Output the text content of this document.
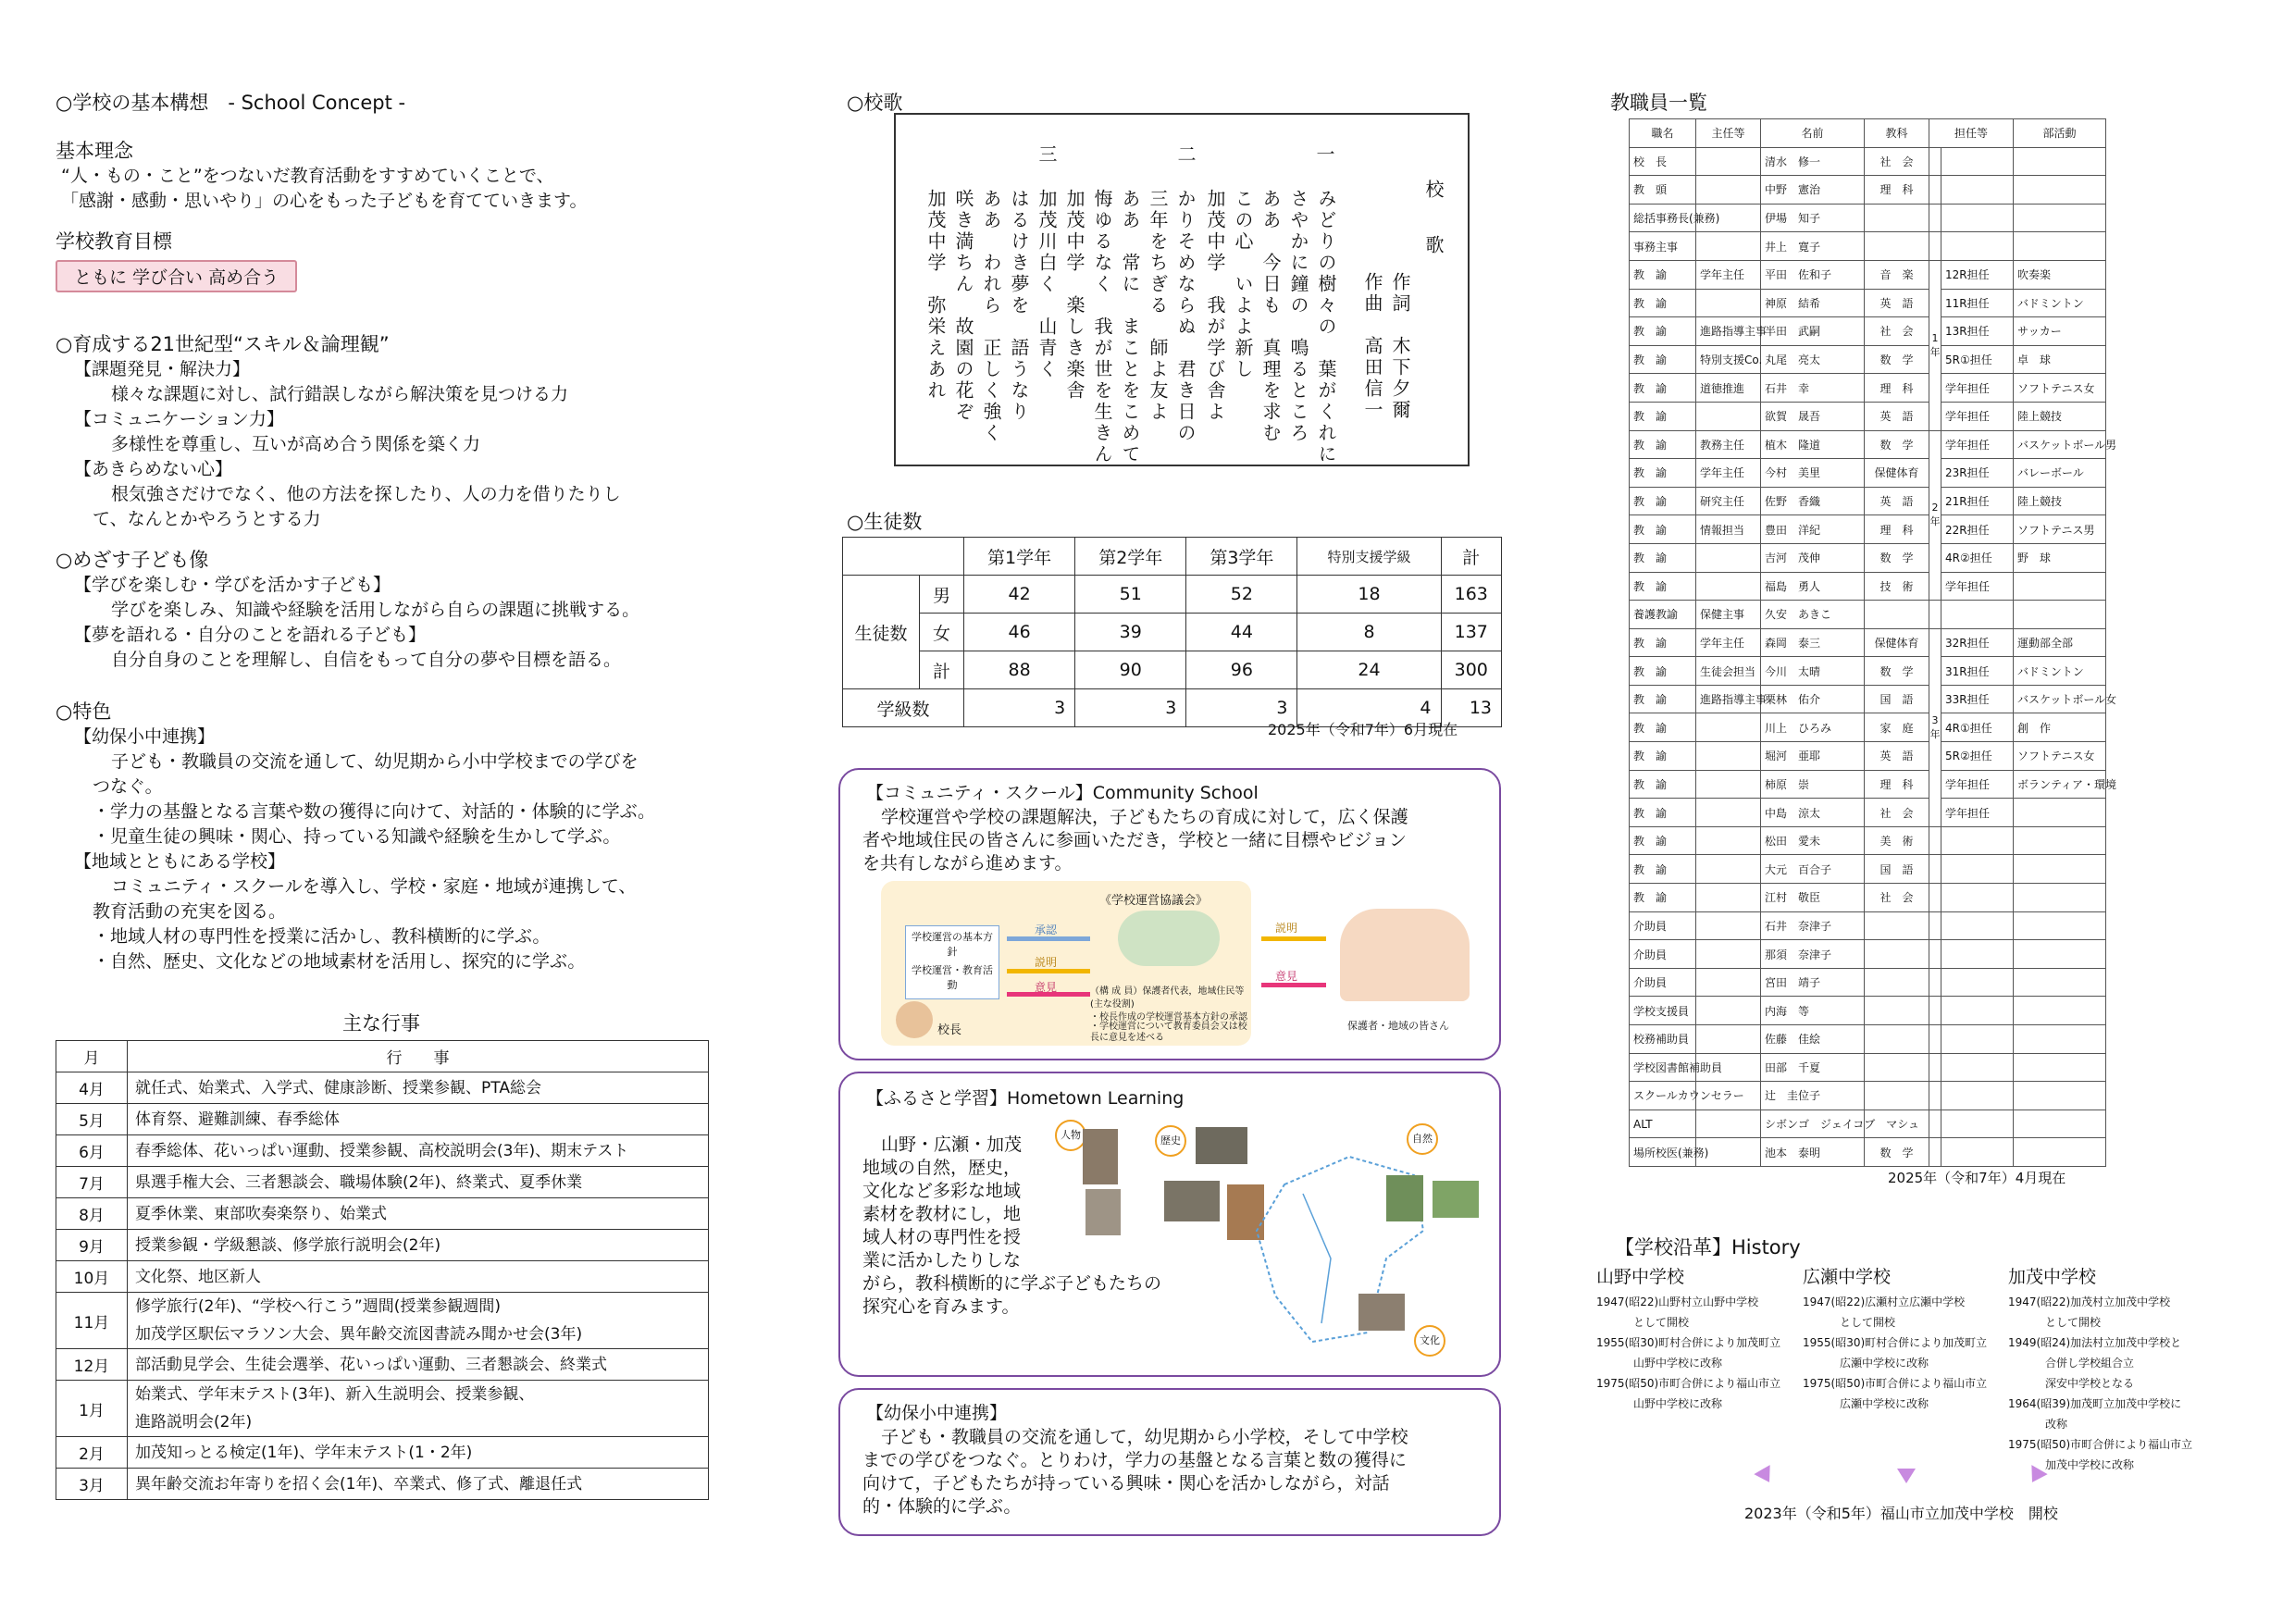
○学校の基本構想　- School Concept -
基本理念
“人・もの・こと”をつないだ教育活動をすすめていくことで、
「感謝・感動・思いやり」の心をもった子どもを育てていきます。
学校教育目標
ともに 学び合い 高め合う
○育成する21世紀型“スキル＆論理観”
【課題発見・解決力】
様々な課題に対し、試行錯誤しながら解決策を見つける力
【コミュニケーション力】
多様性を尊重し、互いが高め合う関係を築く力
【あきらめない心】
根気強さだけでなく、他の方法を探したり、人の力を借りたりし
て、なんとかやろうとする力
○めざす子ども像
【学びを楽しむ・学びを活かす子ども】
学びを楽しみ、知識や経験を活用しながら自らの課題に挑戦する。
【夢を語れる・自分のことを語れる子ども】
自分自身のことを理解し、自信をもって自分の夢や目標を語る。
○特色
【幼保小中連携】
子ども・教職員の交流を通して、幼児期から小中学校までの学びを
つなぐ。
・学力の基盤となる言葉や数の獲得に向けて、対話的・体験的に学ぶ。
・児童生徒の興味・関心、持っている知識や経験を生かして学ぶ。
【地域とともにある学校】
コミュニティ・スクールを導入し、学校・家庭・地域が連携して、
教育活動の充実を図る。
・地域人材の専門性を授業に活かし、教科横断的に学ぶ。
・自然、歴史、文化などの地域素材を活用し、探究的に学ぶ。
主な行事
月	行　　事
4月	就任式、始業式、入学式、健康診断、授業参観、PTA総会
5月	体育祭、避難訓練、春季総体
6月	春季総体、花いっぱい運動、授業参観、高校説明会(3年)、期末テスト
7月	県選手権大会、三者懇談会、職場体験(2年)、終業式、夏季休業
8月	夏季休業、東部吹奏楽祭り、始業式
9月	授業参観・学級懇談、修学旅行説明会(2年)
10月	文化祭、地区新人
11月	修学旅行(2年)、“学校へ行こう”週間(授業参観週間)
加茂学区駅伝マラソン大会、異年齢交流図書読み聞かせ会(3年)
12月	部活動見学会、生徒会選挙、花いっぱい運動、三者懇談会、終業式
1月	始業式、学年末テスト(3年)、新入生説明会、授業参観、
進路説明会(2年)
2月	加茂知っとる検定(1年)、学年末テスト(1・2年)
3月	異年齢交流お年寄りを招く会(1年)、卒業式、修了式、離退任式
○校歌
校歌
作詞　木下夕爾
作曲　高田信一
一
みどりの樹々の　葉がくれに
さやかに鐘の　鳴るところ
ああ　今日も　真理を求む
この心　いよよ新し
加茂中学　我が学び舎よ
二
かりそめならぬ　君き日の
三年をちぎる　師よ友よ
ああ　常に　まことをこめて
悔ゆるなく　我が世を生きん
加茂中学　楽しき楽舎
三
加茂川白く　山青く
はるけき夢を　語うなり
ああ　われら　正しく強く
咲き満ちん　故園の花ぞ
加茂中学　弥栄えあれ
○生徒数
		第1学年	第2学年	第3学年	特別支援学級	計
生徒数	男	42	51	52	18	163
	女	46	39	44	8	137
	計	88	90	96	24	300
学級数		3	3	3	4	13
2025年（令和7年）6月現在
【コミュニティ・スクール】Community School
学校運営や学校の課題解決，子どもたちの育成に対して，広く保護
者や地域住民の皆さんに参画いただき，学校と一緒に目標やビジョン
を共有しながら進めます。
学校運営の基本方針
学校運営・教育活動
校長
承認
説明
意見
《学校運営協議会》
（構 成 員）保護者代表，地域住民等
(主な役割)
・校長作成の学校運営基本方針の承認
・学校運営について教育委員会又は校長に意見を述べる
説明
意見
保護者・地域の皆さん
【ふるさと学習】Hometown Learning
山野・広瀬・加茂
地域の自然，歴史，
文化など多彩な地域
素材を教材にし，地
域人材の専門性を授
業に活かしたりしな
がら，教科横断的に学ぶ子どもたちの
探究心を育みます。
人物	歴史	自然
文化
【幼保小中連携】
子ども・教職員の交流を通して，幼児期から小学校，そして中学校
までの学びをつなぐ。とりわけ，学力の基盤となる言葉と数の獲得に
向けて，子どもたちが持っている興味・関心を活かしながら，対話
的・体験的に学ぶ。
教職員一覧
職名	主任等	名前	教科	担任等		部活動
校　長		清水　修一	社　会			
教　頭		中野　憲治	理　科			
総括事務長(兼務)		伊場　知子				
事務主事		井上　寛子				
教　諭	学年主任	平田　佐和子	音　楽	1年	12R担任	吹奏楽
教　諭		神原　結希	英　語		11R担任	バドミントン
教　諭	進路指導主事	半田　武嗣	社　会		13R担任	サッカー
教　諭	特別支援Co.	丸尾　亮太	数　学		5R①担任	卓　球
教　諭	道徳推進	石井　幸	理　科		学年担任	ソフトテニス女
教　諭		欲賀　晟吾	英　語		学年担任	陸上競技
教　諭	教務主任	植木　隆道	数　学	2年	学年担任	バスケットボール男
教　諭	学年主任	今村　美里	保健体育		23R担任	バレーボール
教　諭	研究主任	佐野　香織	英　語		21R担任	陸上競技
教　諭	情報担当	豊田　洋紀	理　科		22R担任	ソフトテニス男
教　諭		吉河　茂伸	数　学		4R②担任	野　球
教　諭		福島　勇人	技　術		学年担任	
養護教諭	保健主事	久安　あきこ				
教　諭	学年主任	森岡　泰三	保健体育	3年	32R担任	運動部全部
教　諭	生徒会担当	今川　太晴	数　学		31R担任	バドミントン
教　諭	進路指導主事	栗林　佑介	国　語		33R担任	バスケットボール女
教　諭		川上　ひろみ	家　庭		4R①担任	創　作
教　諭		堀河　亜耶	英　語		5R②担任	ソフトテニス女
教　諭		柿原　崇	理　科		学年担任	ボランティア・環境
教　諭		中島　涼太	社　会		学年担任	
教　諭		松田　愛未	美　術			
教　諭		大元　百合子	国　語			
教　諭		江村　敬臣	社　会			
介助員		石井　奈津子				
介助員		那須　奈津子				
介助員		宮田　靖子				
学校支援員		内海　等				
校務補助員		佐藤　佳絵				
学校図書館補助員		田部　千夏				
スクールカウンセラー		辻　圭位子				
ALT		シボンゴ　ジェイコブ　マシュ				
場所校医(兼務)		池本　泰明	数　学			
2025年（令和7年）4月現在
【学校沿革】History
山野中学校
1947(昭22)山野村立山野中学校
　として開校
1955(昭30)町村合併により加茂町立
　山野中学校に改称
1975(昭50)市町合併により福山市立
　山野中学校に改称
広瀬中学校
1947(昭22)広瀬村立広瀬中学校
　として開校
1955(昭30)町村合併により加茂町立
　広瀬中学校に改称
1975(昭50)市町合併により福山市立
　広瀬中学校に改称
加茂中学校
1947(昭22)加茂村立加茂中学校
　として開校
1949(昭24)加法村立加茂中学校と
　合併し学校組合立
　深安中学校となる
1964(昭39)加茂町立加茂中学校に
　改称
1975(昭50)市町合併により福山市立
　加茂中学校に改称
2023年（令和5年）福山市立加茂中学校　開校
